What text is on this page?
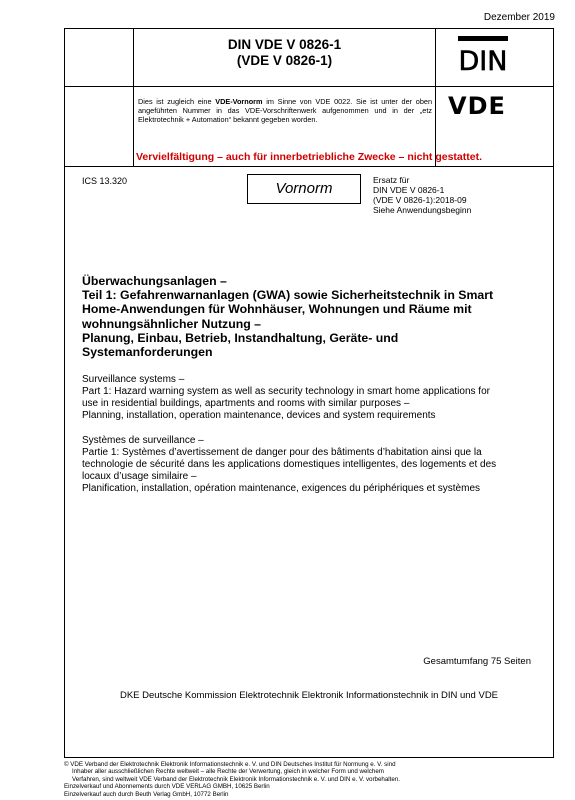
Dezember 2019
DIN VDE V 0826-1
(VDE V 0826-1)	DIN
Dies ist zugleich eine VDE-Vornorm im Sinne von VDE 0022. Sie ist unter der oben angeführten Nummer in das VDE-Vorschriftenwerk aufgenommen und in der „etz Elektrotechnik + Automation“ bekannt gegeben worden.	VDE
Vervielfältigung – auch für innerbetriebliche Zwecke – nicht gestattet.
ICS 13.320	Vornorm	Ersatz für
DIN VDE V 0826-1
(VDE V 0826-1):2018-09
Siehe Anwendungsbeginn
Überwachungsanlagen –
Teil 1: Gefahrenwarnanlagen (GWA) sowie Sicherheitstechnik in Smart
Home-Anwendungen für Wohnhäuser, Wohnungen und Räume mit
wohnungsähnlicher Nutzung –
Planung, Einbau, Betrieb, Instandhaltung, Geräte- und
Systemanforderungen
Surveillance systems –
Part 1: Hazard warning system as well as security technology in smart home applications for
use in residential buildings, apartments and rooms with similar purposes –
Planning, installation, operation maintenance, devices and system requirements
Systèmes de surveillance –
Partie 1: Systèmes d’avertissement de danger pour des bâtiments d’habitation ainsi que la
technologie de sécurité dans les applications domestiques intelligentes, des logements et des
locaux d’usage similaire –
Planification, installation, opération maintenance, exigences du périphériques et systèmes
Gesamtumfang 75 Seiten
DKE Deutsche Kommission Elektrotechnik Elektronik Informationstechnik in DIN und VDE
© VDE Verband der Elektrotechnik Elektronik Informationstechnik e. V. und DIN Deutsches Institut für Normung e. V. sind
Inhaber aller ausschließlichen Rechte weltweit – alle Rechte der Verwertung, gleich in welcher Form und welchem
Verfahren, sind weltweit VDE Verband der Elektrotechnik Elektronik Informationstechnik e. V. und DIN e. V. vorbehalten.
Einzelverkauf und Abonnements durch VDE VERLAG GMBH, 10625 Berlin
Einzelverkauf auch durch Beuth Verlag GmbH, 10772 Berlin
